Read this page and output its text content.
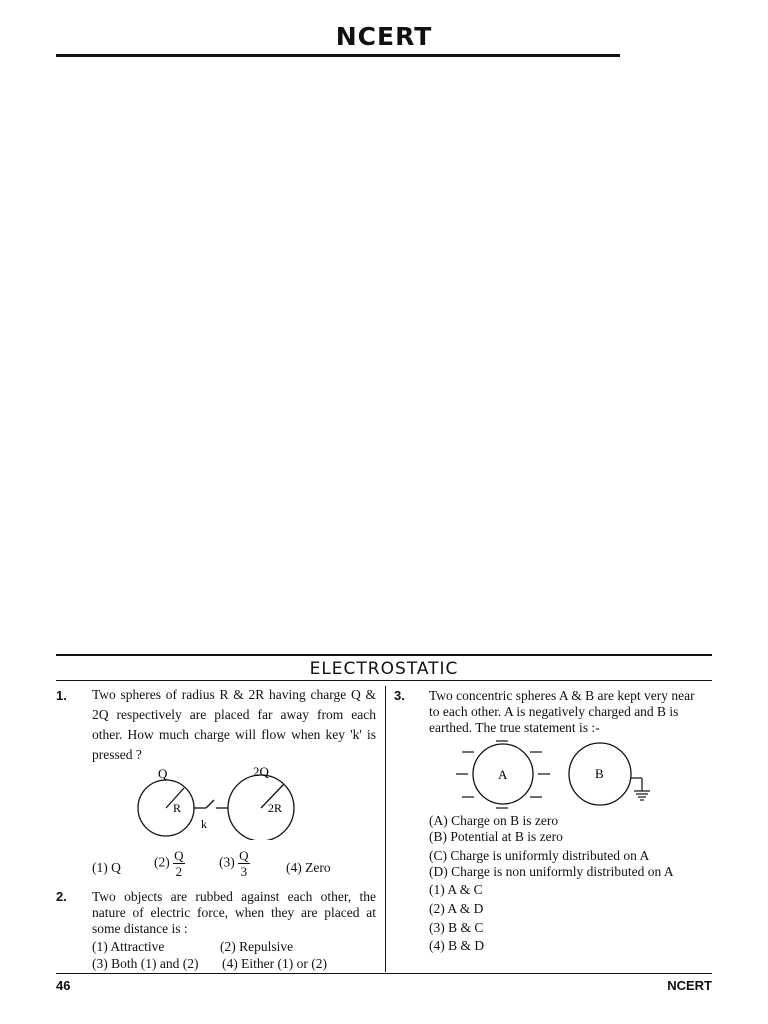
NCERT
ELECTROSTATIC
1. Two spheres of radius R & 2R having charge Q & 2Q respectively are placed far away from each other. How much charge will flow when key 'k' is pressed ?
Q	2Q
R	2R
k
(1) Q $(2) \frac{Q}{2}$	$(3) \frac{Q}{3}$	(4) Zero
2. Two objects are rubbed against each other, the nature of electric force, when they are placed at some distance is :
(1) Attractive	(2) Repulsive
(3) Both (1) and (2) (4) Either (1) or (2)
3. Two concentric spheres A & B are kept very near
to each other. A is negatively charged and B is
earthed. The true statement is :-
A	B
(A) Charge on B is zero
(B) Potential at B is zero
(C) Charge is uniformly distributed on A
(D) Charge is non uniformly distributed on A
(1) A & C
(2) A & D
(3) B & C
(4) B & D
46	NCERT
